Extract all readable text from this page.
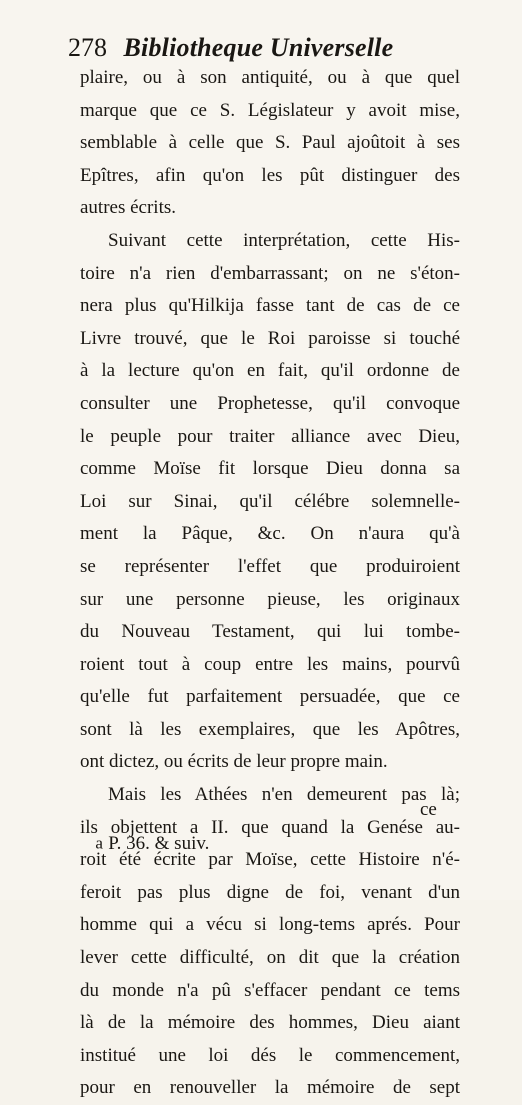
278 Bibliotheque Universelle
plaire, ou à son antiquité, ou à que quel
marque que ce S. Législateur y avoit mise,
semblable à celle que S. Paul ajoûtoit à ses
Epîtres, afin qu'on les pût distinguer des
autres écrits.
Suivant cette interprétation, cette His-
toire n'a rien d'embarrassant; on ne s'éton-
nera plus qu'Hilkija fasse tant de cas de ce
Livre trouvé, que le Roi paroisse si touché
à la lecture qu'on en fait, qu'il ordonne de
consulter une Prophetesse, qu'il convoque
le peuple pour traiter alliance avec Dieu,
comme Moïse fit lorsque Dieu donna sa
Loi sur Sinai, qu'il célébre solemnelle-
ment la Pâque, &c. On n'aura qu'à
se représenter l'effet que produiroient
sur une personne pieuse, les originaux
du Nouveau Testament, qui lui tombe-
roient tout à coup entre les mains, pourvû
qu'elle fut parfaitement persuadée, que ce
sont là les exemplaires, que les Apôtres,
ont dictez, ou écrits de leur propre main.
Mais les Athées n'en demeurent pas là;
ils objettent a II. que quand la Genése au-
roit été écrite par Moïse, cette Histoire n'é-
feroit pas plus digne de foi, venant d'un
homme qui a vécu si long-tems aprés. Pour
lever cette difficulté, on dit que la création
du monde n'a pû s'effacer pendant ce tems
là de la mémoire des hommes, Dieu aiant
institué une loi dés le commencement,
pour en renouveller la mémoire de sept
ce
a P. 36. & suiv.
